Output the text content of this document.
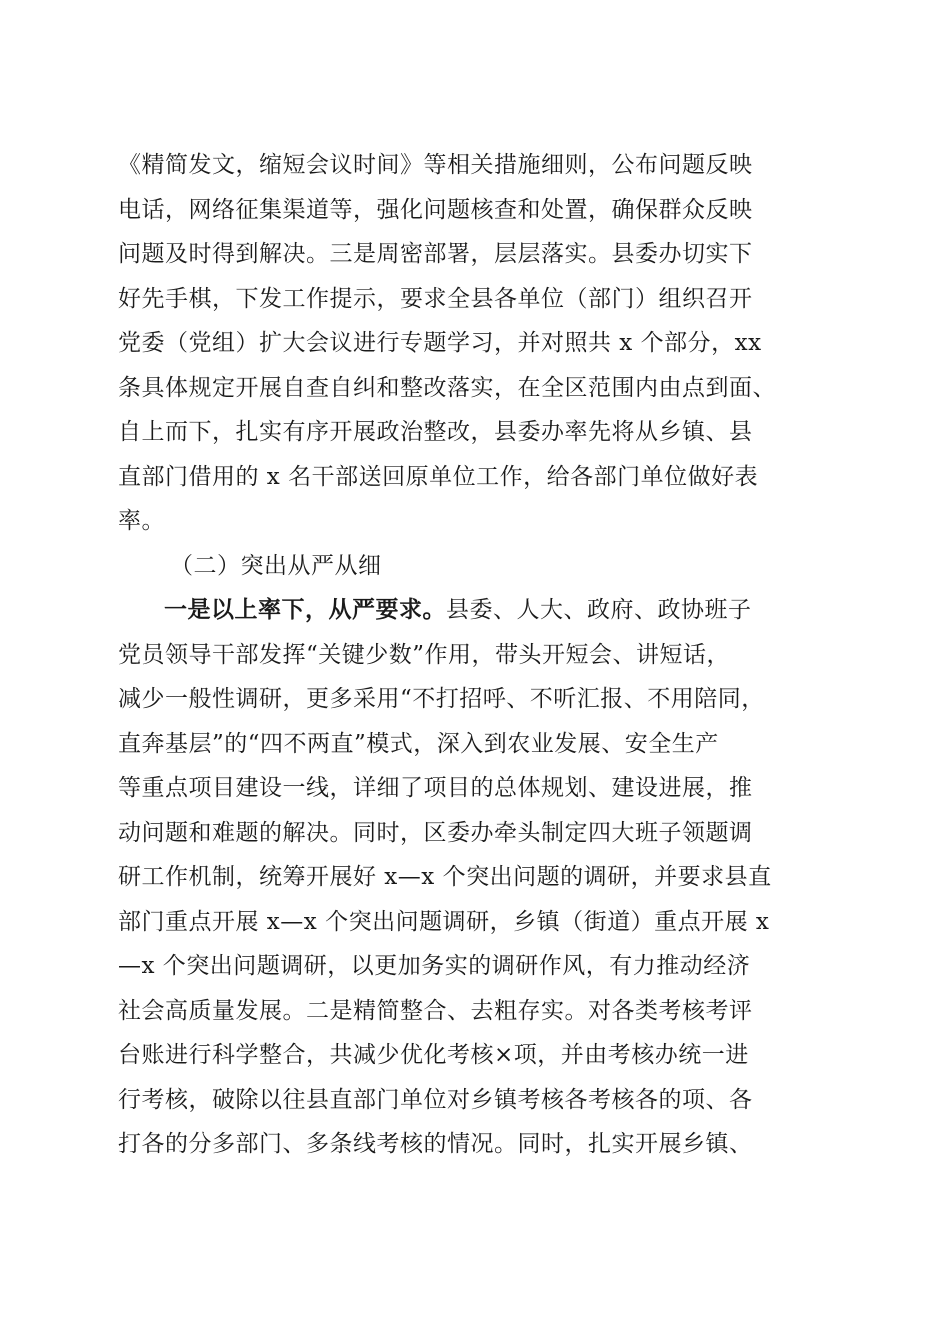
《精简发文，缩短会议时间》等相关措施细则，公布问题反映
电话，网络征集渠道等，强化问题核查和处置，确保群众反映
问题及时得到解决。三是周密部署，层层落实。县委办切实下
好先手棋，下发工作提示，要求全县各单位（部门）组织召开
党委（党组）扩大会议进行专题学习，并对照共 x 个部分，xx
条具体规定开展自查自纠和整改落实，在全区范围内由点到面、
自上而下，扎实有序开展政治整改，县委办率先将从乡镇、县
直部门借用的 x 名干部送回原单位工作，给各部门单位做好表
率。
（二）突出从严从细
一是以上率下，从严要求。县委、人大、政府、政协班子
党员领导干部发挥“关键少数”作用，带头开短会、讲短话，
减少一般性调研，更多采用“不打招呼、不听汇报、不用陪同，
直奔基层”的“四不两直”模式，深入到农业发展、安全生产
等重点项目建设一线，详细了项目的总体规划、建设进展，推
动问题和难题的解决。同时，区委办牵头制定四大班子领题调
研工作机制，统筹开展好 x—x 个突出问题的调研，并要求县直
部门重点开展 x—x 个突出问题调研，乡镇（街道）重点开展 x
—x 个突出问题调研，以更加务实的调研作风，有力推动经济
社会高质量发展。二是精简整合、去粗存实。对各类考核考评
台账进行科学整合，共减少优化考核×项，并由考核办统一进
行考核，破除以往县直部门单位对乡镇考核各考核各的项、各
打各的分多部门、多条线考核的情况。同时，扎实开展乡镇、
